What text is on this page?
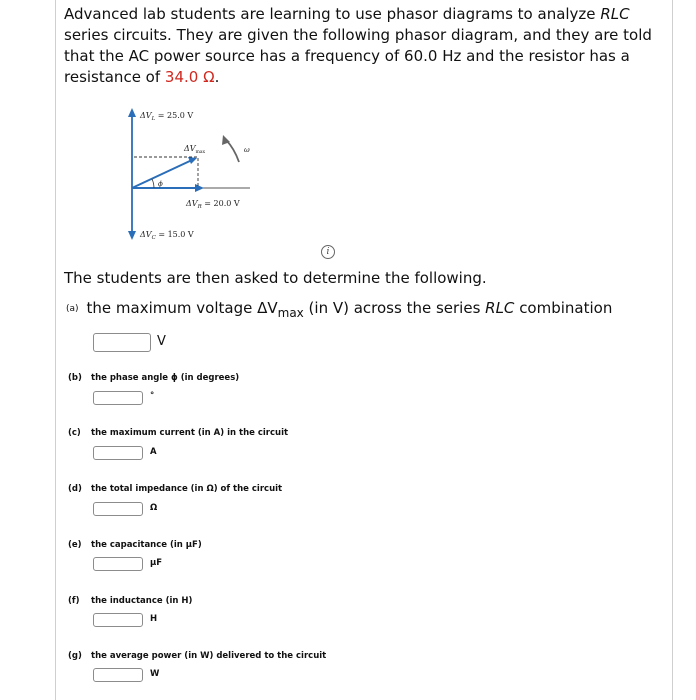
Advanced lab students are learning to use phasor diagrams to analyze RLC series circuits. They are given the following phasor diagram, and they are told that the AC power source has a frequency of 60.0 Hz and the resistor has a resistance of 34.0 Ω.
$\Delta V_L = 25.0$ V
$\Delta V_{max}$	ω
ϕ
$\Delta V_R = 20.0$ V
$\Delta V_C = 15.0$ V
i
The students are then asked to determine the following.
(a) the maximum voltage $\Delta V_{max}$ (in V) across the series RLC combination
V
(b) the phase angle ϕ (in degrees)
°
(c) the maximum current (in A) in the circuit
A
(d) the total impedance (in Ω) of the circuit
Ω
(e) the capacitance (in μF)
μF
(f) the inductance (in H)
H
(g) the average power (in W) delivered to the circuit
W
